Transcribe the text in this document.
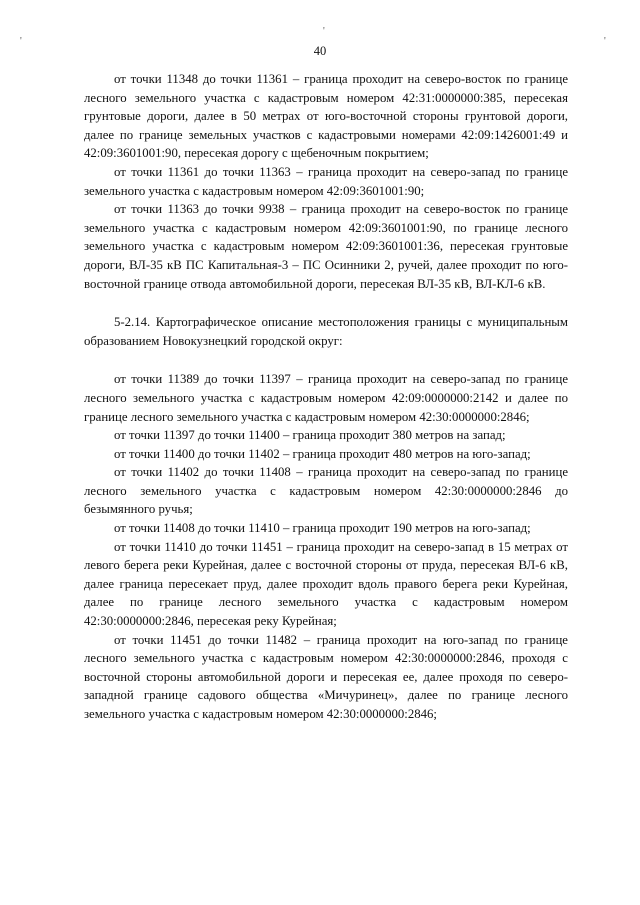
'
'
'
40

от точки 11348 до точки 11361 – граница проходит на северо-восток по границе лесного земельного участка с кадастровым номером 42:31:0000000:385, пересекая грунтовые дороги, далее в 50 метрах от юго-восточной стороны грунтовой дороги, далее по границе земельных участков с кадастровыми номерами 42:09:1426001:49 и 42:09:3601001:90, пересекая дорогу с щебеночным покрытием;

от точки 11361 до точки 11363 – граница проходит на северо-запад по границе земельного участка с кадастровым номером 42:09:3601001:90;

от точки 11363 до точки 9938 – граница проходит на северо-восток по границе земельного участка с кадастровым номером 42:09:3601001:90, по границе лесного земельного участка с кадастровым номером 42:09:3601001:36, пересекая грунтовые дороги, ВЛ-35 кВ ПС Капитальная-3 – ПС Осинники 2, ручей, далее проходит по юго-восточной границе отвода автомобильной дороги, пересекая ВЛ-35 кВ, ВЛ-КЛ-6 кВ.

5-2.14. Картографическое описание местоположения границы с муниципальным образованием Новокузнецкий городской округ:

от точки 11389 до точки 11397 – граница проходит на северо-запад по границе лесного земельного участка с кадастровым номером 42:09:0000000:2142 и далее по границе лесного земельного участка с кадастровым номером 42:30:0000000:2846;

от точки 11397 до точки 11400 – граница проходит 380 метров на запад;

от точки 11400 до точки 11402 – граница проходит 480 метров на юго-запад;

от точки 11402 до точки 11408 – граница проходит на северо-запад по границе лесного земельного участка с кадастровым номером 42:30:0000000:2846 до безымянного ручья;

от точки 11408 до точки 11410 – граница проходит 190 метров на юго-запад;

от точки 11410 до точки 11451 – граница проходит на северо-запад в 15 метрах от левого берега реки Курейная, далее с восточной стороны от пруда, пересекая ВЛ-6 кВ, далее граница пересекает пруд, далее проходит вдоль правого берега реки Курейная, далее по границе лесного земельного участка с кадастровым номером 42:30:0000000:2846, пересекая реку Курейная;

от точки 11451 до точки 11482 – граница проходит на юго-запад по границе лесного земельного участка с кадастровым номером 42:30:0000000:2846, проходя с восточной стороны автомобильной дороги и пересекая ее, далее проходя по северо-западной границе садового общества «Мичуринец», далее по границе лесного земельного участка с кадастровым номером 42:30:0000000:2846;
